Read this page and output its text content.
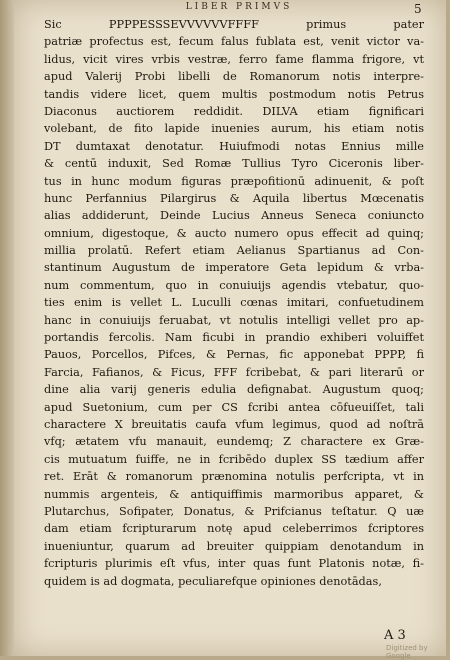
LIBER PRIMVS	5
Sic PPPPESSSEVVVVVVFFFF primus pater
patriæ profectus est, fecum falus fublata est, venit victor va-
lidus, vicit vires vrbis vestræ, ferro fame flamma frigore, vt
apud Valerij Probi libelli de Romanorum notis interpre-
tandis videre licet, quem multis postmodum notis Petrus
Diaconus auctiorem reddidit. DILVA etiam fignificari
volebant, de fito lapide inuenies aurum, his etiam notis
DT dumtaxat denotatur. Huiufmodi notas Ennius mille
& centū induxit, Sed Romæ Tullius Tyro Ciceronis liber-
tus in hunc modum figuras præpofitionū adinuenit, & poſt
hunc Perfannius Pilargirus & Aquila libertus Mœcenatis
alias addiderunt, Deinde Lucius Anneus Seneca coniuncto
omnium, digestoque, & aucto numero opus effecit ad quinq;
millia prolatū. Refert etiam Aelianus Spartianus ad Con-
stantinum Augustum de imperatore Geta lepidum & vrba-
num commentum, quo in conuiuijs agendis vtebatur, quo-
ties enim is vellet L. Luculli cœnas imitari, confuetudinem
hanc in conuiuijs feruabat, vt notulis intelligi vellet pro ap-
portandis fercolis. Nam ficubi in prandio exhiberi voluiffet
Pauos, Porcellos, Pifces, & Pernas, fic apponebat PPPP, fi
Farcia, Fafianos, & Ficus, FFF fcribebat, & pari literarū or
dine alia varij generis edulia defignabat. Augustum quoq;
apud Suetonium, cum per CS fcribi antea cōfueuiſſet, tali
charactere X breuitatis caufa vfum legimus, quod ad noſtrā
vfq; ætatem vfu manauit, eundemq; Z charactere ex Græ-
cis mutuatum fuiffe, ne in fcribēdo duplex SS tædium affer
ret. Erāt & romanorum prænomina notulis perfcripta, vt in
nummis argenteis, & antiquiffimis marmoribus apparet, &
Plutarchus, Sofipater, Donatus, & Prifcianus teſtatur. Q uæ
dam etiam fcripturarum notę apud celeberrimos fcriptores
inueniuntur, quarum ad breuiter quippiam denotandum in
fcripturis plurimis eſt vfus, inter quas funt Platonis notæ, fi-
quidem is ad dogmata, peculiarefque opiniones denotādas,
A 3
Digitized by Google
